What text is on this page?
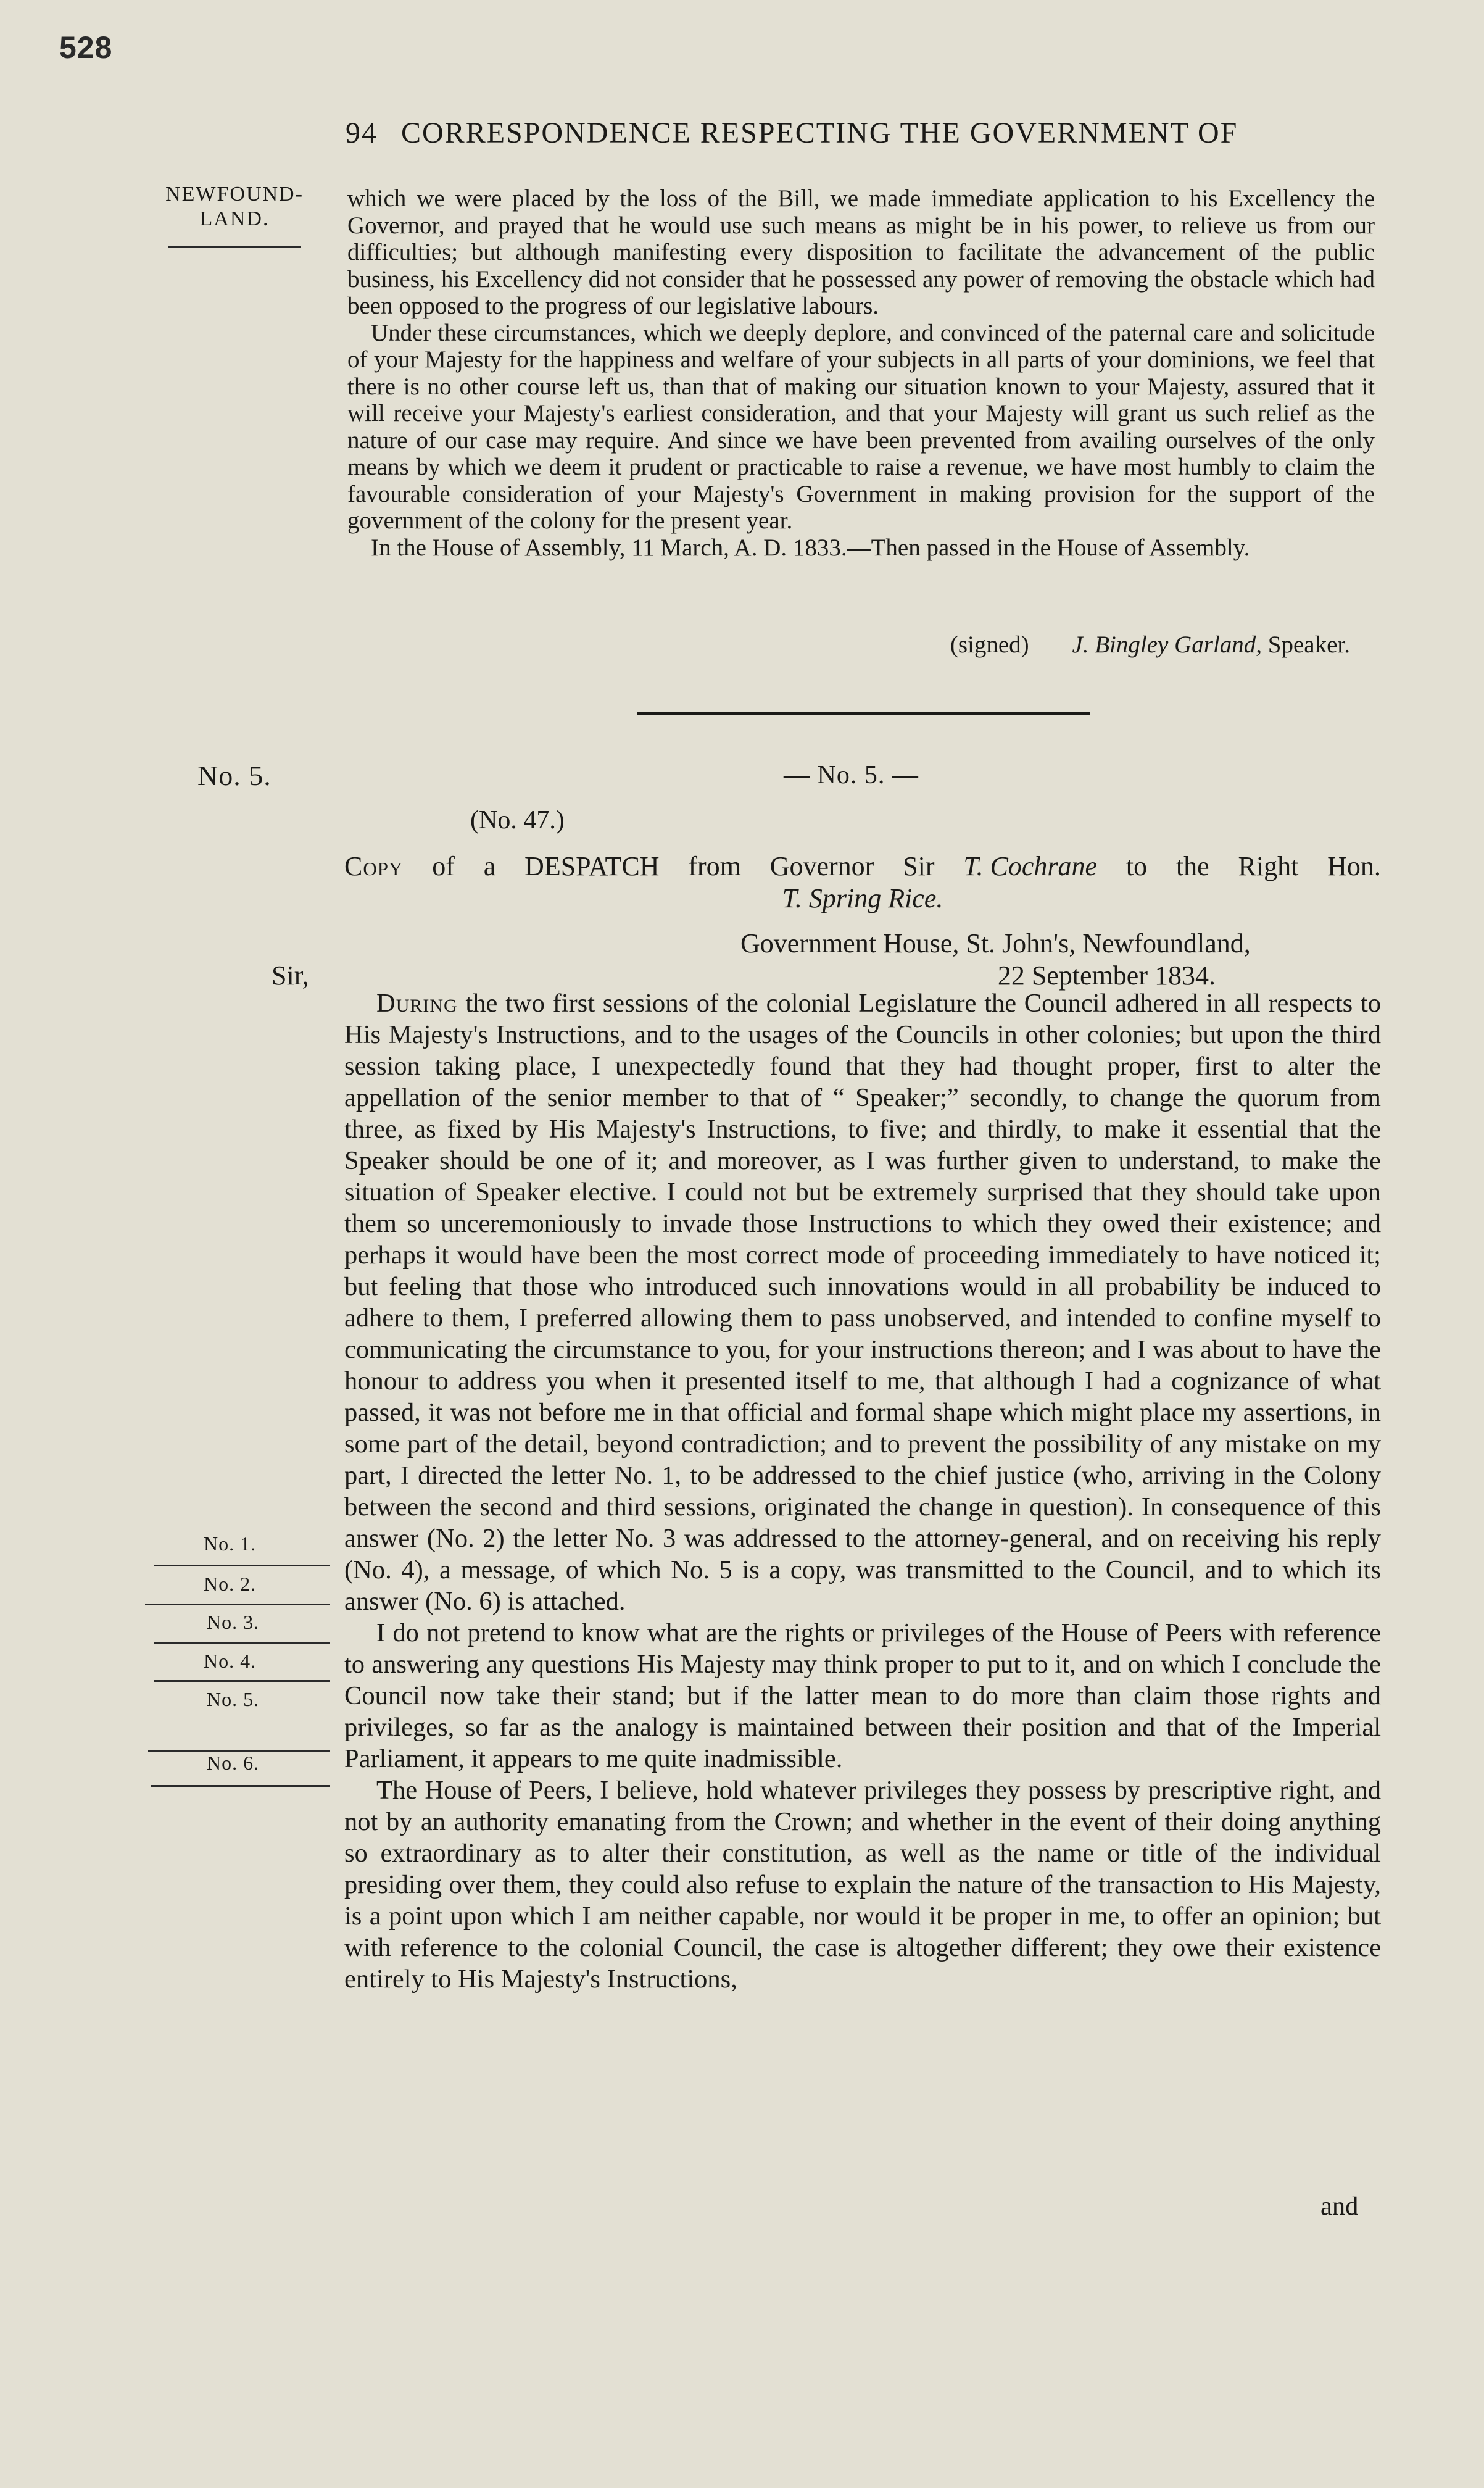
528
94 CORRESPONDENCE RESPECTING THE GOVERNMENT OF
NEWFOUND-
LAND.

which we were placed by the loss of the Bill, we made immediate application to his Excellency the Governor, and prayed that he would use such means as might be in his power, to relieve us from our difficulties; but although manifesting every disposition to facilitate the advancement of the public business, his Excellency did not consider that he possessed any power of removing the obstacle which had been opposed to the progress of our legislative labours.

Under these circumstances, which we deeply deplore, and convinced of the paternal care and solicitude of your Majesty for the happiness and welfare of your subjects in all parts of your dominions, we feel that there is no other course left us, than that of making our situation known to your Majesty, assured that it will receive your Majesty's earliest consideration, and that your Majesty will grant us such relief as the nature of our case may require. And since we have been prevented from availing ourselves of the only means by which we deem it prudent or practicable to raise a revenue, we have most humbly to claim the favourable consideration of your Majesty's Government in making provision for the support of the government of the colony for the present year.

In the House of Assembly, 11 March, A. D. 1833.—Then passed in the House of Assembly.

(signed) J. Bingley Garland, Speaker.
No. 5.	— No. 5. —
(No. 47.)
Copy of a DESPATCH from Governor Sir T. Cochrane to the Right Hon.
T. Spring Rice.
Government House, St. John's, Newfoundland,
Sir,	22 September 1834.

During the two first sessions of the colonial Legislature the Council adhered in all respects to His Majesty's Instructions, and to the usages of the Councils in other colonies; but upon the third session taking place, I unexpectedly found that they had thought proper, first to alter the appellation of the senior member to that of “ Speaker;” secondly, to change the quorum from three, as fixed by His Majesty's Instructions, to five; and thirdly, to make it essential that the Speaker should be one of it; and moreover, as I was further given to understand, to make the situation of Speaker elective. I could not but be extremely surprised that they should take upon them so unceremoniously to invade those Instructions to which they owed their existence; and perhaps it would have been the most correct mode of proceeding immediately to have noticed it; but feeling that those who introduced such innovations would in all probability be induced to adhere to them, I preferred allowing them to pass unobserved, and intended to confine myself to communicating the circumstance to you, for your instructions thereon; and I was about to have the honour to address you when it presented itself to me, that although I had a cognizance of what passed, it was not before me in that official and formal shape which might place my assertions, in some part of the detail, beyond contradiction; and to prevent the possibility of any mistake on my part, I directed the letter No. 1, to be addressed to the chief justice (who, arriving in the Colony between the second and third sessions, originated the change in question). In consequence of this answer (No. 2) the letter No. 3 was addressed to the attorney-general, and on receiving his reply (No. 4), a message, of which No. 5 is a copy, was transmitted to the Council, and to which its answer (No. 6) is attached.

I do not pretend to know what are the rights or privileges of the House of Peers with reference to answering any questions His Majesty may think proper to put to it, and on which I conclude the Council now take their stand; but if the latter mean to do more than claim those rights and privileges, so far as the analogy is maintained between their position and that of the Imperial Parliament, it appears to me quite inadmissible.

The House of Peers, I believe, hold whatever privileges they possess by prescriptive right, and not by an authority emanating from the Crown; and whether in the event of their doing anything so extraordinary as to alter their constitution, as well as the name or title of the individual presiding over them, they could also refuse to explain the nature of the transaction to His Majesty, is a point upon which I am neither capable, nor would it be proper in me, to offer an opinion; but with reference to the colonial Council, the case is altogether different; they owe their existence entirely to His Majesty's Instructions,

and
No. 1.
No. 2.
No. 3.
No. 4.
No. 5.
No. 6.
